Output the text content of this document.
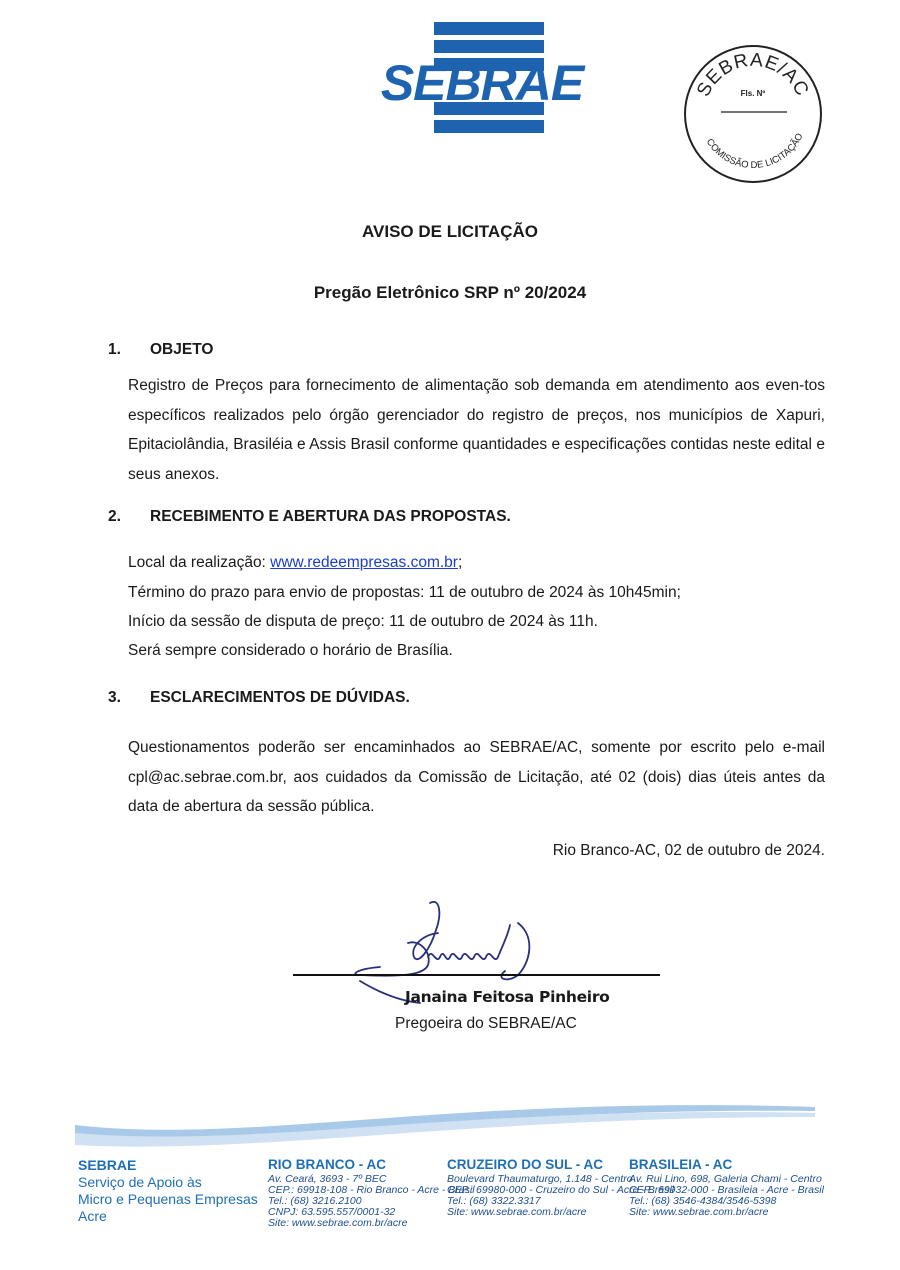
SEBRAE	SEBRAE/AC
COMISSÃO DE LICITAÇÃO
Fls. Nº
AVISO DE LICITAÇÃO
Pregão Eletrônico SRP nº 20/2024
1. OBJETO
Registro de Preços para fornecimento de alimentação sob demanda em atendimento aos even-tos específicos realizados pelo órgão gerenciador do registro de preços, nos municípios de Xapuri, Epitaciolândia, Brasiléia e Assis Brasil conforme quantidades e especificações contidas neste edital e seus anexos.
2. RECEBIMENTO E ABERTURA DAS PROPOSTAS.
Local da realização: www.redeempresas.com.br;
Término do prazo para envio de propostas: 11 de outubro de 2024 às 10h45min;
Início da sessão de disputa de preço: 11 de outubro de 2024 às 11h.
Será sempre considerado o horário de Brasília.
3. ESCLARECIMENTOS DE DÚVIDAS.
Questionamentos poderão ser encaminhados ao SEBRAE/AC, somente por escrito pelo e-mail cpl@ac.sebrae.com.br, aos cuidados da Comissão de Licitação, até 02 (dois) dias úteis antes da data de abertura da sessão pública.
Rio Branco-AC, 02 de outubro de 2024.
Janaina Feitosa Pinheiro
Pregoeira do SEBRAE/AC
SEBRAE
Serviço de Apoio às
Micro e Pequenas Empresas
Acre
RIO BRANCO - AC
Av. Ceará, 3693 - 7º BEC
CEP.: 69918-108 - Rio Branco - Acre - Brasil
Tel.: (68) 3216.2100
CNPJ: 63.595.557/0001-32
Site: www.sebrae.com.br/acre
CRUZEIRO DO SUL - AC
Boulevard Thaumaturgo, 1.148 - Centro
CEP.: 69980-000 - Cruzeiro do Sul - Acre - Brasil
Tel.: (68) 3322.3317
Site: www.sebrae.com.br/acre
BRASILEIA - AC
Av. Rui Lino, 698, Galeria Chami - Centro
CEP.: 69932-000 - Brasileia - Acre - Brasil
Tel.: (68) 3546-4384/3546-5398
Site: www.sebrae.com.br/acre
